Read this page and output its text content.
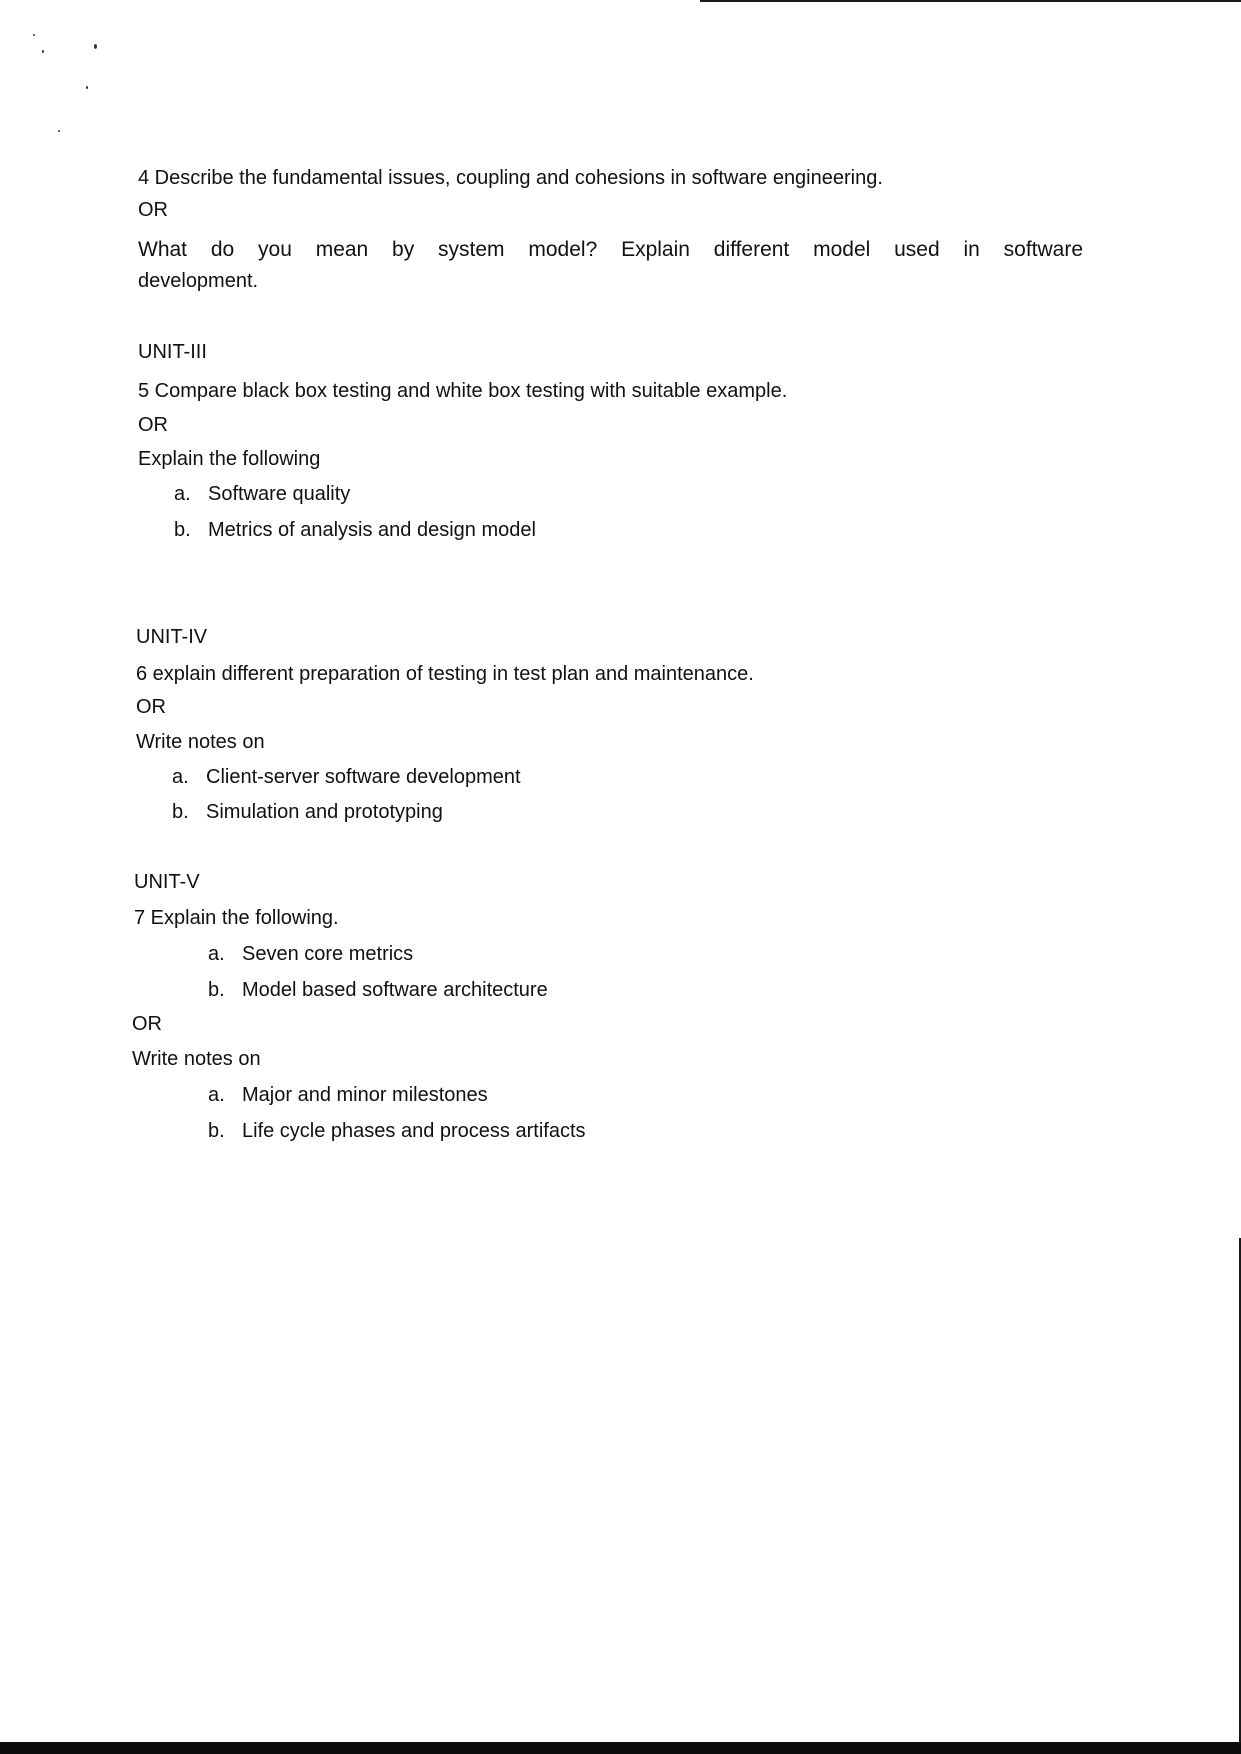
4 Describe the fundamental issues, coupling and cohesions in software engineering.
OR
What do you mean by system model? Explain different model used in software
development.
UNIT-III
5 Compare black box testing and white box testing with suitable example.
OR
Explain the following
a. Software quality
b. Metrics of analysis and design model
UNIT-IV
6 explain different preparation of testing in test plan and maintenance.
OR
Write notes on
a. Client-server software development
b. Simulation and prototyping
UNIT-V
7 Explain the following.
a. Seven core metrics
b. Model based software architecture
OR
Write notes on
a. Major and minor milestones
b. Life cycle phases and process artifacts
